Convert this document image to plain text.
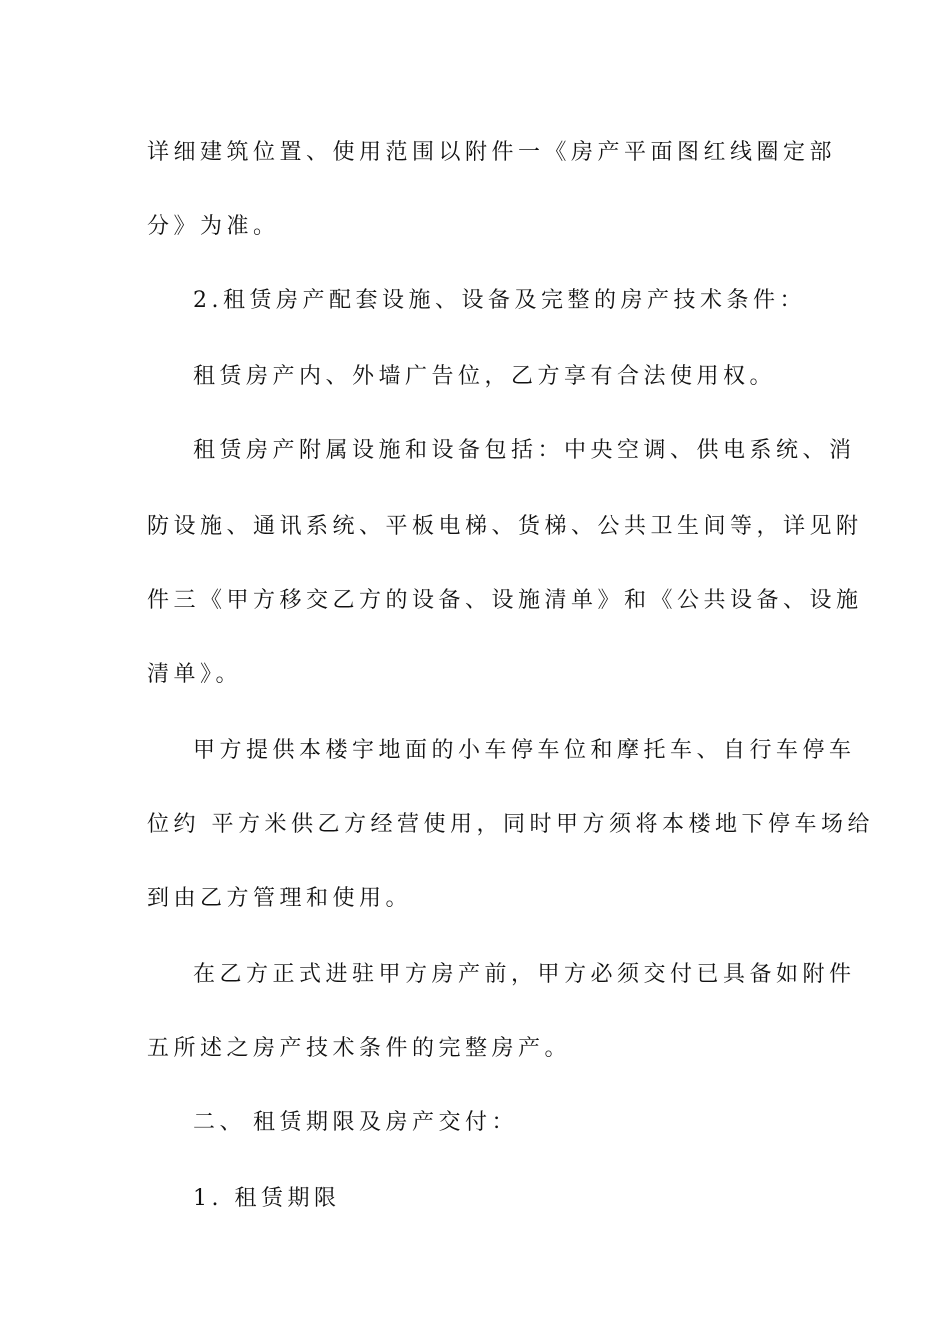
详细建筑位置、使用范围以附件一《房产平面图红线圈定部
分》为准。
2.租赁房产配套设施、设备及完整的房产技术条件：
租赁房产内、外墙广告位，乙方享有合法使用权。
租赁房产附属设施和设备包括：中央空调、供电系统、消
防设施、通讯系统、平板电梯、货梯、公共卫生间等，详见附
件三《甲方移交乙方的设备、设施清单》和《公共设备、设施
清单》。
甲方提供本楼宇地面的小车停车位和摩托车、自行车停车
位约 平方米供乙方经营使用，同时甲方须将本楼地下停车场给
到由乙方管理和使用。
在乙方正式进驻甲方房产前，甲方必须交付已具备如附件
五所述之房产技术条件的完整房产。
二、 租赁期限及房产交付：
1. 租赁期限
